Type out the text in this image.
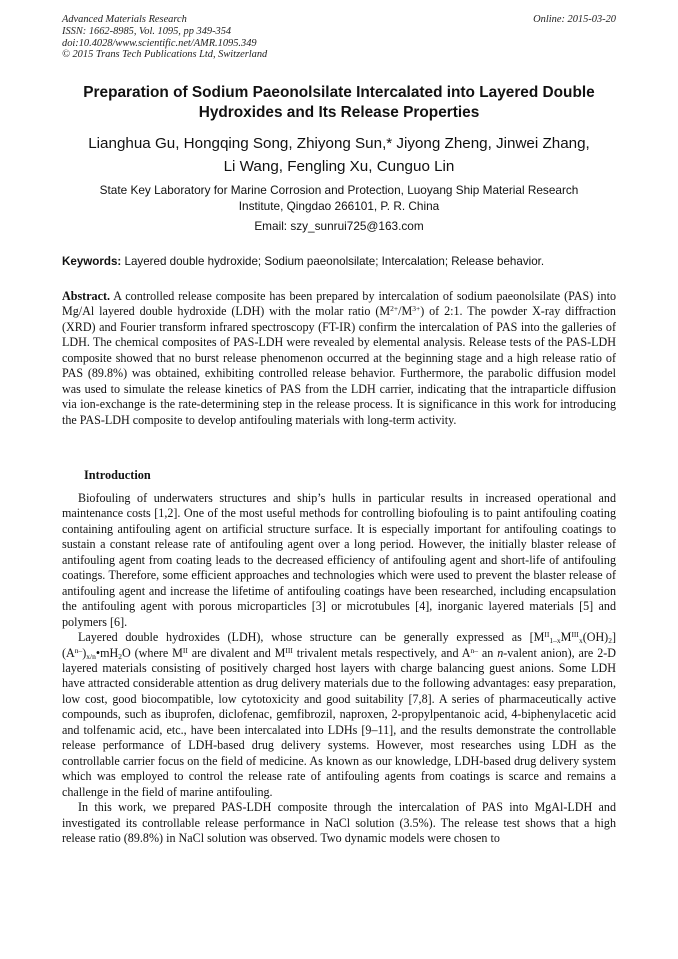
Advanced Materials Research
ISSN: 1662-8985, Vol. 1095, pp 349-354
doi:10.4028/www.scientific.net/AMR.1095.349
© 2015 Trans Tech Publications Ltd, Switzerland
Online: 2015-03-20
Preparation of Sodium Paeonolsilate Intercalated into Layered Double
Hydroxides and Its Release Properties
Lianghua Gu, Hongqing Song, Zhiyong Sun,* Jiyong Zheng, Jinwei Zhang,
Li Wang, Fengling Xu, Cunguo Lin
State Key Laboratory for Marine Corrosion and Protection, Luoyang Ship Material Research
Institute, Qingdao 266101, P. R. China
Email: szy_sunrui725@163.com
Keywords: Layered double hydroxide; Sodium paeonolsilate; Intercalation; Release behavior.

Abstract. A controlled release composite has been prepared by intercalation of sodium paeonolsilate (PAS) into Mg/Al layered double hydroxide (LDH) with the molar ratio $(M^{2+}/M^{3+})$ of 2:1. The powder X-ray diffraction (XRD) and Fourier transform infrared spectroscopy (FT-IR) confirm the intercalation of PAS into the galleries of LDH. The chemical composites of PAS-LDH were revealed by elemental analysis. Release tests of the PAS-LDH composite showed that no burst release phenomenon occurred at the beginning stage and a high release ratio of PAS (89.8%) was obtained, exhibiting controlled release behavior. Furthermore, the parabolic diffusion model was used to simulate the release kinetics of PAS from the LDH carrier, indicating that the intraparticle diffusion via ion-exchange is the rate-determining step in the release process. It is significance in this work for introducing the PAS-LDH composite to develop antifouling materials with long-term activity.

Introduction

Biofouling of underwaters structures and ship’s hulls in particular results in increased operational and maintenance costs [1,2]. One of the most useful methods for controlling biofouling is to paint antifouling coating containing antifouling agent on artificial structure surface. It is especially important for antifouling coatings to sustain a constant release rate of antifouling agent over a long period. However, the initially blaster release of antifouling agent from coating leads to the decreased efficiency of antifouling agent and short-life of antifouling coatings. Therefore, some efficient approaches and technologies which were used to prevent the blaster release of antifouling agent and increase the lifetime of antifouling coatings have been researched, including encapsulation the antifouling agent with porous microparticles [3] or microtubules [4], inorganic layered materials [5] and polymers [6].

Layered double hydroxides (LDH), whose structure can be generally expressed as $[M^{II}_{1-x}M^{III}_x(OH)_2](A^{n-})_{x/n}•mH_2O$ (where $M^{II}$ are divalent and $M^{III}$ trivalent metals respectively, and $A^{n-}$ an n-valent anion), are 2-D layered materials consisting of positively charged host layers with charge balancing guest anions. Some LDH have attracted considerable attention as drug delivery materials due to the following advantages: easy preparation, low cost, good biocompatible, low cytotoxicity and good suitability [7,8]. A series of pharmaceutically active compounds, such as ibuprofen, diclofenac, gemfibrozil, naproxen, 2-propylpentanoic acid, 4-biphenylacetic acid and tolfenamic acid, etc., have been intercalated into LDHs [9–11], and the results demonstrate the controllable release performance of LDH-based drug delivery systems. However, most researches using LDH as the controllable carrier focus on the field of medicine. As known as our knowledge, LDH-based drug delivery system which was employed to control the release rate of antifouling agents from coatings is scarce and remains a challenge in the field of marine antifouling.

In this work, we prepared PAS-LDH composite through the intercalation of PAS into MgAl-LDH and investigated its controllable release performance in NaCl solution (3.5%). The release test shows that a high release ratio (89.8%) in NaCl solution was observed. Two dynamic models were chosen to
